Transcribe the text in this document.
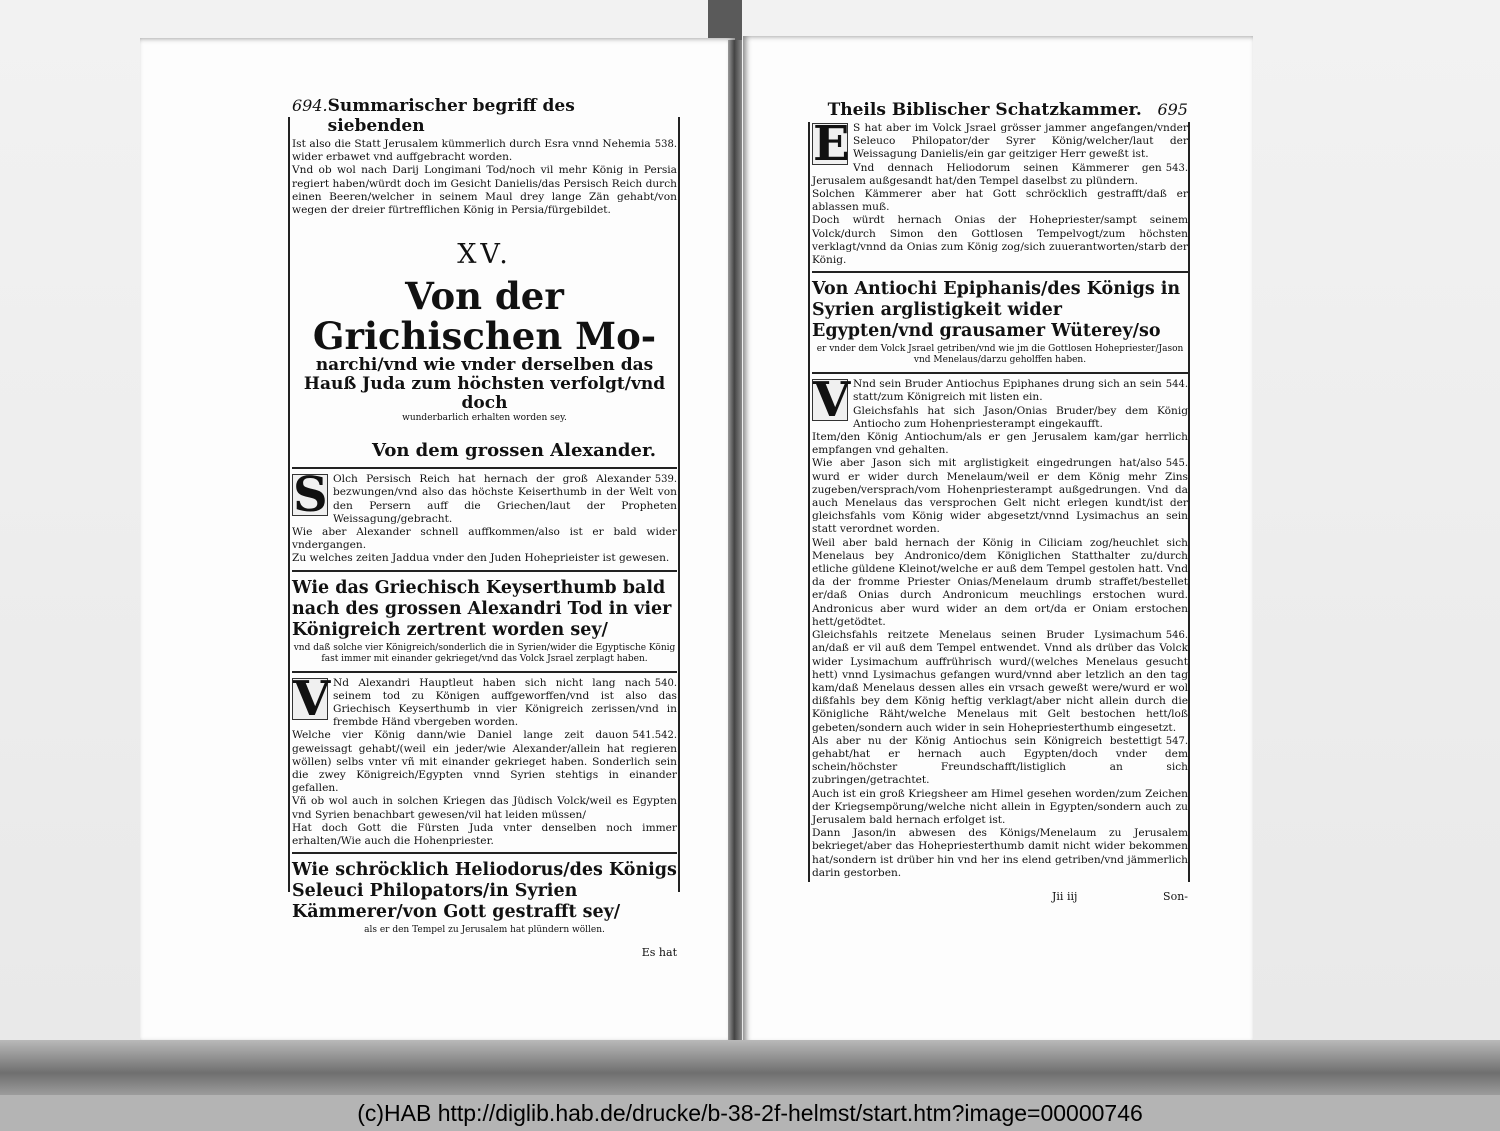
694. Summarischer begriff des siebenden

538.
Ist also die Statt Jerusalem kümmerlich durch Esra vnnd Nehemia wider erbawet vnd auffgebracht worden.

Vnd ob wol nach Darij Longimani Tod/noch vil mehr König in Persia regiert haben/würdt doch im Gesicht Danielis/das Persisch Reich durch einen Beeren/welcher in seinem Maul drey lange Zän gehabt/von wegen der dreier fürtrefflichen König in Persia/fürgebildet.

XV.
Von der Grichischen Mo-
narchi/vnd wie vnder derselben das Hauß Juda zum höchsten verfolgt/vnd doch
wunderbarlich erhalten worden sey.
Von dem grossen Alexander.
S	539.
Olch Persisch Reich hat hernach der groß Alexander bezwungen/vnd also das höchste Keiserthumb in der Welt von den Persern auff die Griechen/laut der Propheten Weissagung/gebracht.

Wie aber Alexander schnell auffkommen/also ist er bald wider vndergangen.

Zu welches zeiten Jaddua vnder den Juden Hoheprieister ist gewesen.

Wie das Griechisch Keyserthumb bald nach des grossen Alexandri Tod in vier Königreich zertrent worden sey/
vnd daß solche vier Königreich/sonderlich die in Syrien/wider die Egyptische König fast immer mit einander gekrieget/vnd das Volck Jsrael zerplagt haben.
V	540.
Nd Alexandri Hauptleut haben sich nicht lang nach seinem tod zu Königen auffgeworffen/vnd ist also das Griechisch Keyserthumb in vier Königreich zerissen/vnd in frembde Händ vbergeben worden.

541.542.
Welche vier König dann/wie Daniel lange zeit dauon geweissagt gehabt/(weil ein jeder/wie Alexander/allein hat regieren wöllen) selbs vnter vñ mit einander gekrieget haben. Sonderlich sein die zwey Königreich/Egypten vnnd Syrien stehtigs in einander gefallen.

Vñ ob wol auch in solchen Kriegen das Jüdisch Volck/weil es Egypten vnd Syrien benachbart gewesen/vil hat leiden müssen/

Hat doch Gott die Fürsten Juda vnter denselben noch immer erhalten/Wie auch die Hohenpriester.

Wie schröcklich Heliodorus/des Königs Seleuci Philopators/in Syrien Kämmerer/von Gott gestrafft sey/
als er den Tempel zu Jerusalem hat plündern wöllen.
Es hat
Theils Biblischer Schatzkammer. 695
E S hat aber im Volck Jsrael grösser jammer angefangen/vnder Seleuco Philopator/der Syrer König/welcher/laut der Weissagung Danielis/ein gar geitziger Herr geweßt ist.

543.
Vnd dennach Heliodorum seinen Kämmerer gen Jerusalem außgesandt hat/den Tempel daselbst zu plündern.

Solchen Kämmerer aber hat Gott schröcklich gestrafft/daß er ablassen muß.

Doch würdt hernach Onias der Hohepriester/sampt seinem Volck/durch Simon den Gottlosen Tempelvogt/zum höchsten verklagt/vnnd da Onias zum König zog/sich zuuerantworten/starb der König.

Von Antiochi Epiphanis/des Königs in Syrien arglistigkeit wider Egypten/vnd grausamer Wüterey/so
er vnder dem Volck Jsrael getriben/vnd wie jm die Gottlosen Hohepriester/Jason vnd Menelaus/darzu geholffen haben.
V	544.
Nnd sein Bruder Antiochus Epiphanes drung sich an sein statt/zum Königreich mit listen ein.

Gleichsfahls hat sich Jason/Onias Bruder/bey dem König Antiocho zum Hohenpriesterampt eingekaufft.

Item/den König Antiochum/als er gen Jerusalem kam/gar herrlich empfangen vnd gehalten.

545.
Wie aber Jason sich mit arglistigkeit eingedrungen hat/also wurd er wider durch Menelaum/weil er dem König mehr Zins zugeben/versprach/vom Hohenpriesterampt außgedrungen. Vnd da auch Menelaus das versprochen Gelt nicht erlegen kundt/ist der gleichsfahls vom König wider abgesetzt/vnnd Lysimachus an sein statt verordnet worden.

Weil aber bald hernach der König in Ciliciam zog/heuchlet sich Menelaus bey Andronico/dem Königlichen Statthalter zu/durch etliche güldene Kleinot/welche er auß dem Tempel gestolen hatt. Vnd da der fromme Priester Onias/Menelaum drumb straffet/bestellet er/daß Onias durch Andronicum meuchlings erstochen wurd. Andronicus aber wurd wider an dem ort/da er Oniam erstochen hett/getödtet.

546.
Gleichsfahls reitzete Menelaus seinen Bruder Lysimachum an/daß er vil auß dem Tempel entwendet. Vnnd als drüber das Volck wider Lysimachum auffrührisch wurd/(welches Menelaus gesucht hett) vnnd Lysimachus gefangen wurd/vnnd aber letzlich an den tag kam/daß Menelaus dessen alles ein vrsach geweßt were/wurd er wol dißfahls bey dem König heftig verklagt/aber nicht allein durch die Königliche Räht/welche Menelaus mit Gelt bestochen hett/loß gebeten/sondern auch wider in sein Hohepriesterthumb eingesetzt.

547.
Als aber nu der König Antiochus sein Königreich bestettigt gehabt/hat er hernach auch Egypten/doch vnder dem schein/höchster Freundschafft/listiglich an sich zubringen/getrachtet.

Auch ist ein groß Kriegsheer am Himel gesehen worden/zum Zeichen der Kriegsempörung/welche nicht allein in Egypten/sondern auch zu Jerusalem bald hernach erfolget ist.

Dann Jason/in abwesen des Königs/Menelaum zu Jerusalem bekrieget/aber das Hohepriesterthumb damit nicht wider bekommen hat/sondern ist drüber hin vnd her ins elend getriben/vnd jämmerlich darin gestorben.

Jii iij	Son-
(c)HAB http://diglib.hab.de/drucke/b-38-2f-helmst/start.htm?image=00000746
